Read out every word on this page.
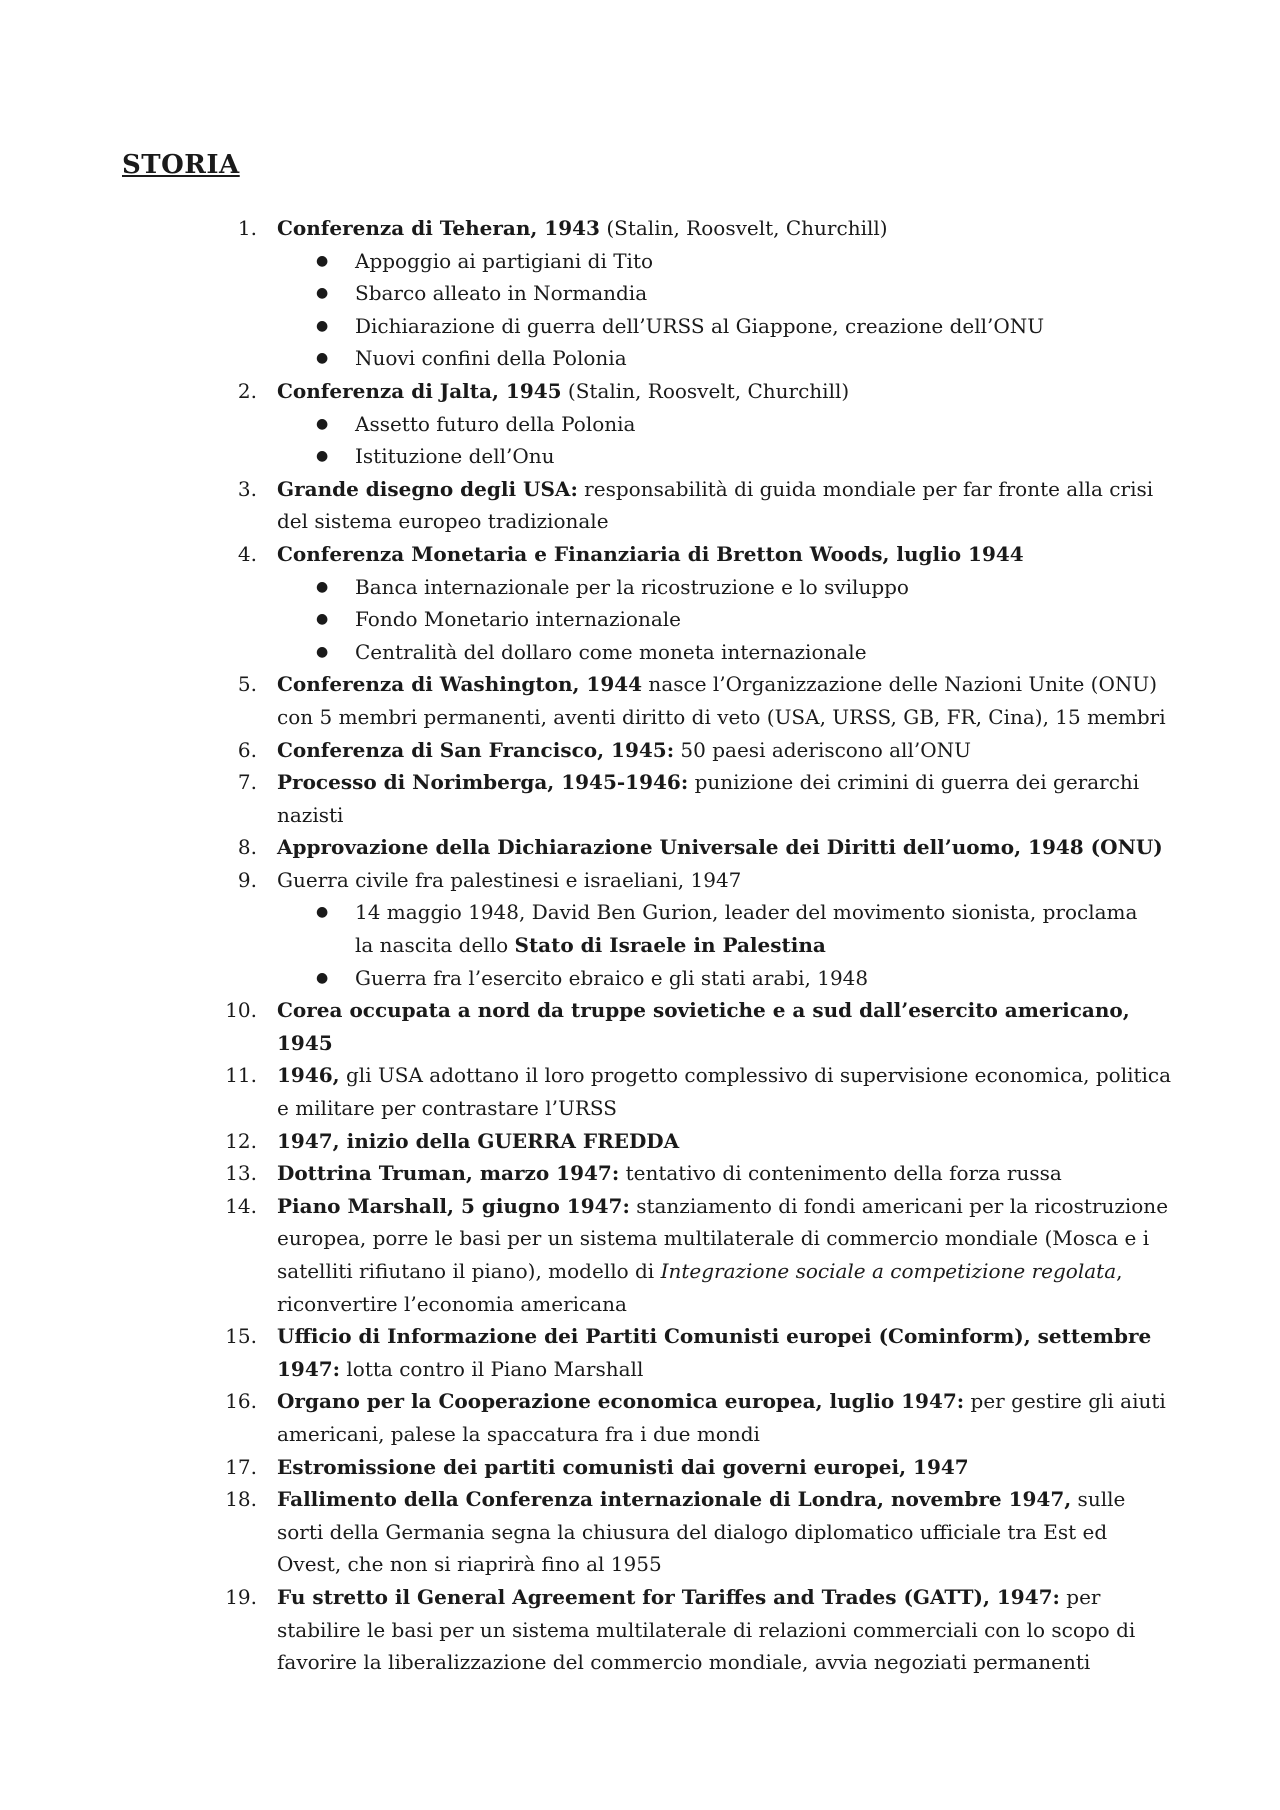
STORIA
1. Conferenza di Teheran, 1943 (Stalin, Roosvelt, Churchill)
● Appoggio ai partigiani di Tito
● Sbarco alleato in Normandia
● Dichiarazione di guerra dell’URSS al Giappone, creazione dell’ONU
● Nuovi confini della Polonia
2. Conferenza di Jalta, 1945 (Stalin, Roosvelt, Churchill)
● Assetto futuro della Polonia
● Istituzione dell’Onu
3. Grande disegno degli USA: responsabilità di guida mondiale per far fronte alla crisi del sistema europeo tradizionale
4. Conferenza Monetaria e Finanziaria di Bretton Woods, luglio 1944
● Banca internazionale per la ricostruzione e lo sviluppo
● Fondo Monetario internazionale
● Centralità del dollaro come moneta internazionale
5. Conferenza di Washington, 1944 nasce l’Organizzazione delle Nazioni Unite (ONU) con 5 membri permanenti, aventi diritto di veto (USA, URSS, GB, FR, Cina), 15 membri
6. Conferenza di San Francisco, 1945: 50 paesi aderiscono all’ONU
7. Processo di Norimberga, 1945-1946: punizione dei crimini di guerra dei gerarchi nazisti
8. Approvazione della Dichiarazione Universale dei Diritti dell’uomo, 1948 (ONU)
9. Guerra civile fra palestinesi e israeliani, 1947
● 14 maggio 1948, David Ben Gurion, leader del movimento sionista, proclama la nascita dello Stato di Israele in Palestina
● Guerra fra l’esercito ebraico e gli stati arabi, 1948
10. Corea occupata a nord da truppe sovietiche e a sud dall’esercito americano, 1945
11. 1946, gli USA adottano il loro progetto complessivo di supervisione economica, politica e militare per contrastare l’URSS
12. 1947, inizio della GUERRA FREDDA
13. Dottrina Truman, marzo 1947: tentativo di contenimento della forza russa
14. Piano Marshall, 5 giugno 1947: stanziamento di fondi americani per la ricostruzione europea, porre le basi per un sistema multilaterale di commercio mondiale (Mosca e i satelliti rifiutano il piano), modello di Integrazione sociale a competizione regolata, riconvertire l’economia americana
15. Ufficio di Informazione dei Partiti Comunisti europei (Cominform), settembre 1947: lotta contro il Piano Marshall
16. Organo per la Cooperazione economica europea, luglio 1947: per gestire gli aiuti americani, palese la spaccatura fra i due mondi
17. Estromissione dei partiti comunisti dai governi europei, 1947
18. Fallimento della Conferenza internazionale di Londra, novembre 1947, sulle sorti della Germania segna la chiusura del dialogo diplomatico ufficiale tra Est ed Ovest, che non si riaprirà fino al 1955
19. Fu stretto il General Agreement for Tariffes and Trades (GATT), 1947: per stabilire le basi per un sistema multilaterale di relazioni commerciali con lo scopo di favorire la liberalizzazione del commercio mondiale, avvia negoziati permanenti
